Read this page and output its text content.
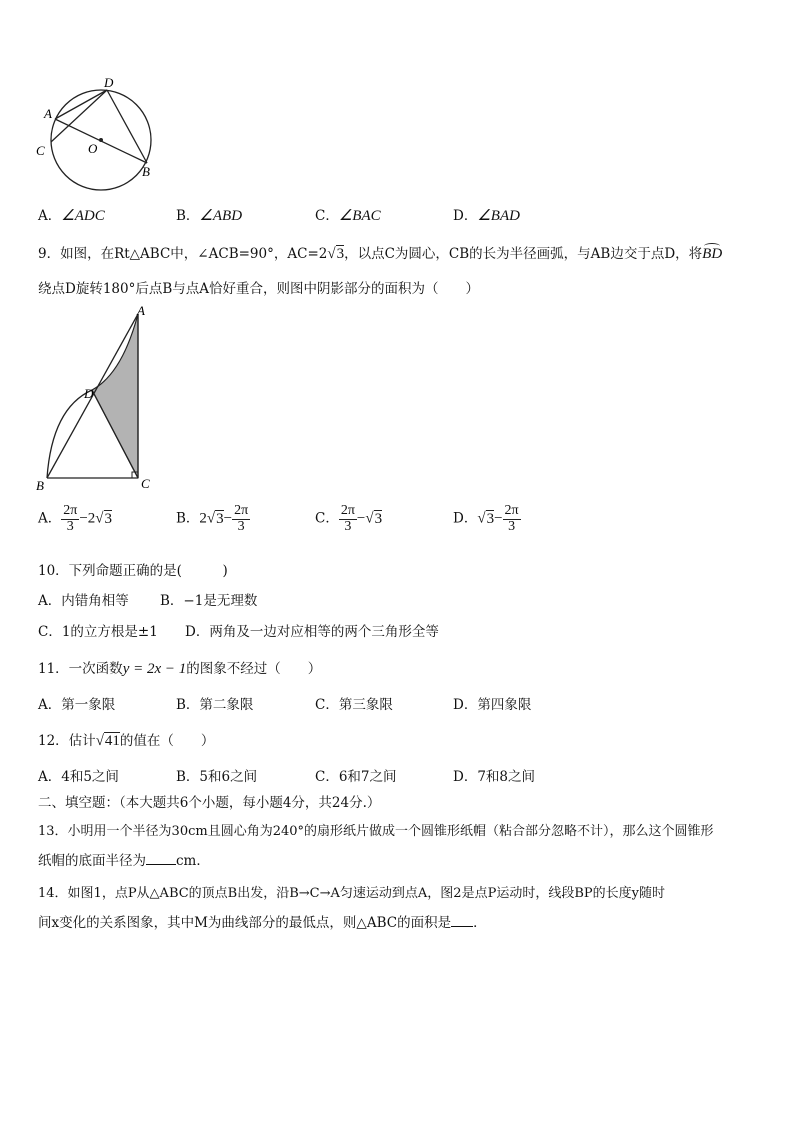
D
A
C	O
B
A．∠ADC	B．∠ABD	C．∠BAC	D．∠BAD
9．如图，在Rt△ABC中，∠ACB=90°，AC=2√3，以点C为圆心，CB的长为半径画弧，与AB边交于点D，将BD
绕点D旋转180°后点B与点A恰好重合，则图中阴影部分的面积为（　　）
A
D
B	C
A． $\frac{2\pi}{3} -2√3$	B．$2√3- \frac{2\pi}{3}$	C． $\frac{2\pi}{3} -√3$	D．$√3- \frac{2\pi}{3}$
10．下列命题正确的是(　　　)
A．内错角相等 B．−1是无理数
C．1的立方根是±1 D．两角及一边对应相等的两个三角形全等
11．一次函数y = 2x − 1的图象不经过（　　）
A．第一象限	B．第二象限	C．第三象限	D．第四象限
12．估计√41的值在（　　）
A．4和5之间	B．5和6之间	C．6和7之间	D．7和8之间
二、填空题：（本大题共6个小题，每小题4分，共24分.）
13．小明用一个半径为30cm且圆心角为240°的扇形纸片做成一个圆锥形纸帽（粘合部分忽略不计），那么这个圆锥形
纸帽的底面半径为 cm．
14．如图1，点P从△ABC的顶点B出发，沿B→C→A匀速运动到点A，图2是点P运动时，线段BP的长度y随时
间x变化的关系图象，其中M为曲线部分的最低点，则△ABC的面积是 ．
